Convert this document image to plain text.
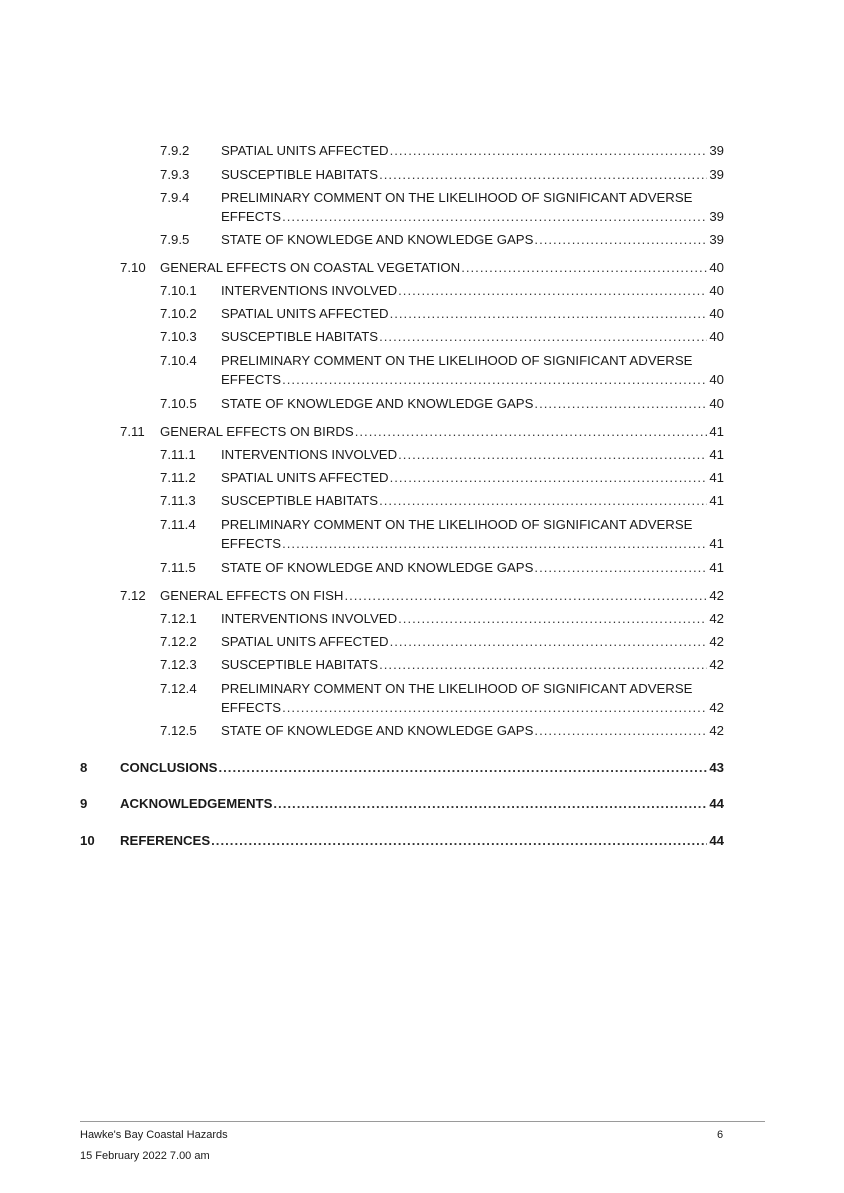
7.9.2 SPATIAL UNITS AFFECTED .....	39
7.9.3 SUSCEPTIBLE HABITATS .....	39
7.9.4 PRELIMINARY COMMENT ON THE LIKELIHOOD OF SIGNIFICANT ADVERSE
EFFECTS .....	39
7.9.5 STATE OF KNOWLEDGE AND KNOWLEDGE GAPS .....	39
7.10 GENERAL EFFECTS ON COASTAL VEGETATION .....	40
7.10.1 INTERVENTIONS INVOLVED .....	40
7.10.2 SPATIAL UNITS AFFECTED .....	40
7.10.3 SUSCEPTIBLE HABITATS .....	40
7.10.4 PRELIMINARY COMMENT ON THE LIKELIHOOD OF SIGNIFICANT ADVERSE
EFFECTS .....	40
7.10.5 STATE OF KNOWLEDGE AND KNOWLEDGE GAPS .....	40
7.11 GENERAL EFFECTS ON BIRDS .....	41
7.11.1 INTERVENTIONS INVOLVED .....	41
7.11.2 SPATIAL UNITS AFFECTED .....	41
7.11.3 SUSCEPTIBLE HABITATS .....	41
7.11.4 PRELIMINARY COMMENT ON THE LIKELIHOOD OF SIGNIFICANT ADVERSE
EFFECTS .....	41
7.11.5 STATE OF KNOWLEDGE AND KNOWLEDGE GAPS .....	41
7.12 GENERAL EFFECTS ON FISH .....	42
7.12.1 INTERVENTIONS INVOLVED .....	42
7.12.2 SPATIAL UNITS AFFECTED .....	42
7.12.3 SUSCEPTIBLE HABITATS .....	42
7.12.4 PRELIMINARY COMMENT ON THE LIKELIHOOD OF SIGNIFICANT ADVERSE
EFFECTS .....	42
7.12.5 STATE OF KNOWLEDGE AND KNOWLEDGE GAPS .....	42
8 CONCLUSIONS .....	43
9 ACKNOWLEDGEMENTS .....	44
10 REFERENCES .....	44
Hawke's Bay Coastal Hazards	6
15 February 2022 7.00 am
